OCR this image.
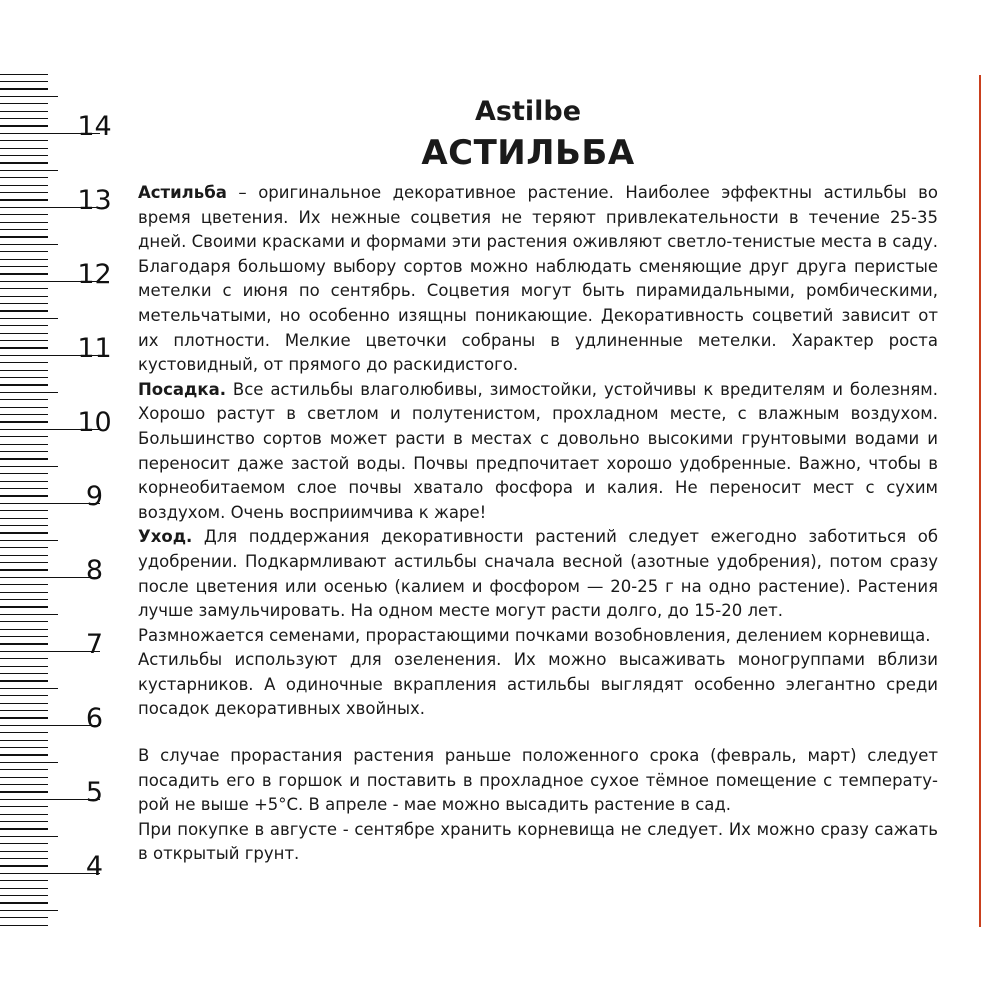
14
13
12
11
10
9
8
7
6
5
4
Astilbe
АСТИЛЬБА

Астильба – оригинальное декоративное растение. Наиболее эффектны астильбы во время цветения. Их нежные соцветия не теряют привлекательности в течение 25-35 дней. Своими красками и формами эти растения оживляют светло-тенистые места в саду. Благодаря большому выбору сортов можно наблюдать сменяющие друг друга перистые метелки с июня по сентябрь. Соцветия могут быть пирамидальными, ромбическими, метельчатыми, но особенно изящны поникающие. Декоративность соцветий зависит от их плотности. Мелкие цветочки собраны в удлиненные метелки. Характер роста кустовидный, от прямого до раскидистого.

Посадка. Все астильбы влаголюбивы, зимостойки, устойчивы к вредителям и болезням. Хорошо растут в светлом и полутенистом, прохладном месте, с влажным воздухом. Большинство сортов может расти в местах с довольно высокими грунтовыми водами и переносит даже застой воды. Почвы предпочитает хорошо удобренные. Важно, чтобы в корнеобитаемом слое почвы хватало фосфора и калия. Не переносит мест с сухим воздухом. Очень восприимчива к жаре!

Уход. Для поддержания декоративности растений следует ежегодно заботиться об удобрении. Подкармливают астильбы сначала весной (азотные удобрения), потом сразу после цветения или осенью (калием и фосфором — 20-25 г на одно растение). Растения лучше замульчировать. На одном месте могут расти долго, до 15-20 лет.

Размножается семенами, прорастающими почками возобновления, делением корневища.

Астильбы используют для озеленения. Их можно высаживать моногруппами вблизи кустарников. А одиночные вкрапления астильбы выглядят особенно элегантно среди посадок декоративных хвойных.

В случае прорастания растения раньше положенного срока (февраль, март) следует посадить его в горшок и поставить в прохладное сухое тёмное помещение с температурой не выше +5°С. В апреле - мае можно высадить растение в сад.

При покупке в августе - сентябре хранить корневища не следует. Их можно сразу сажать в открытый грунт.
